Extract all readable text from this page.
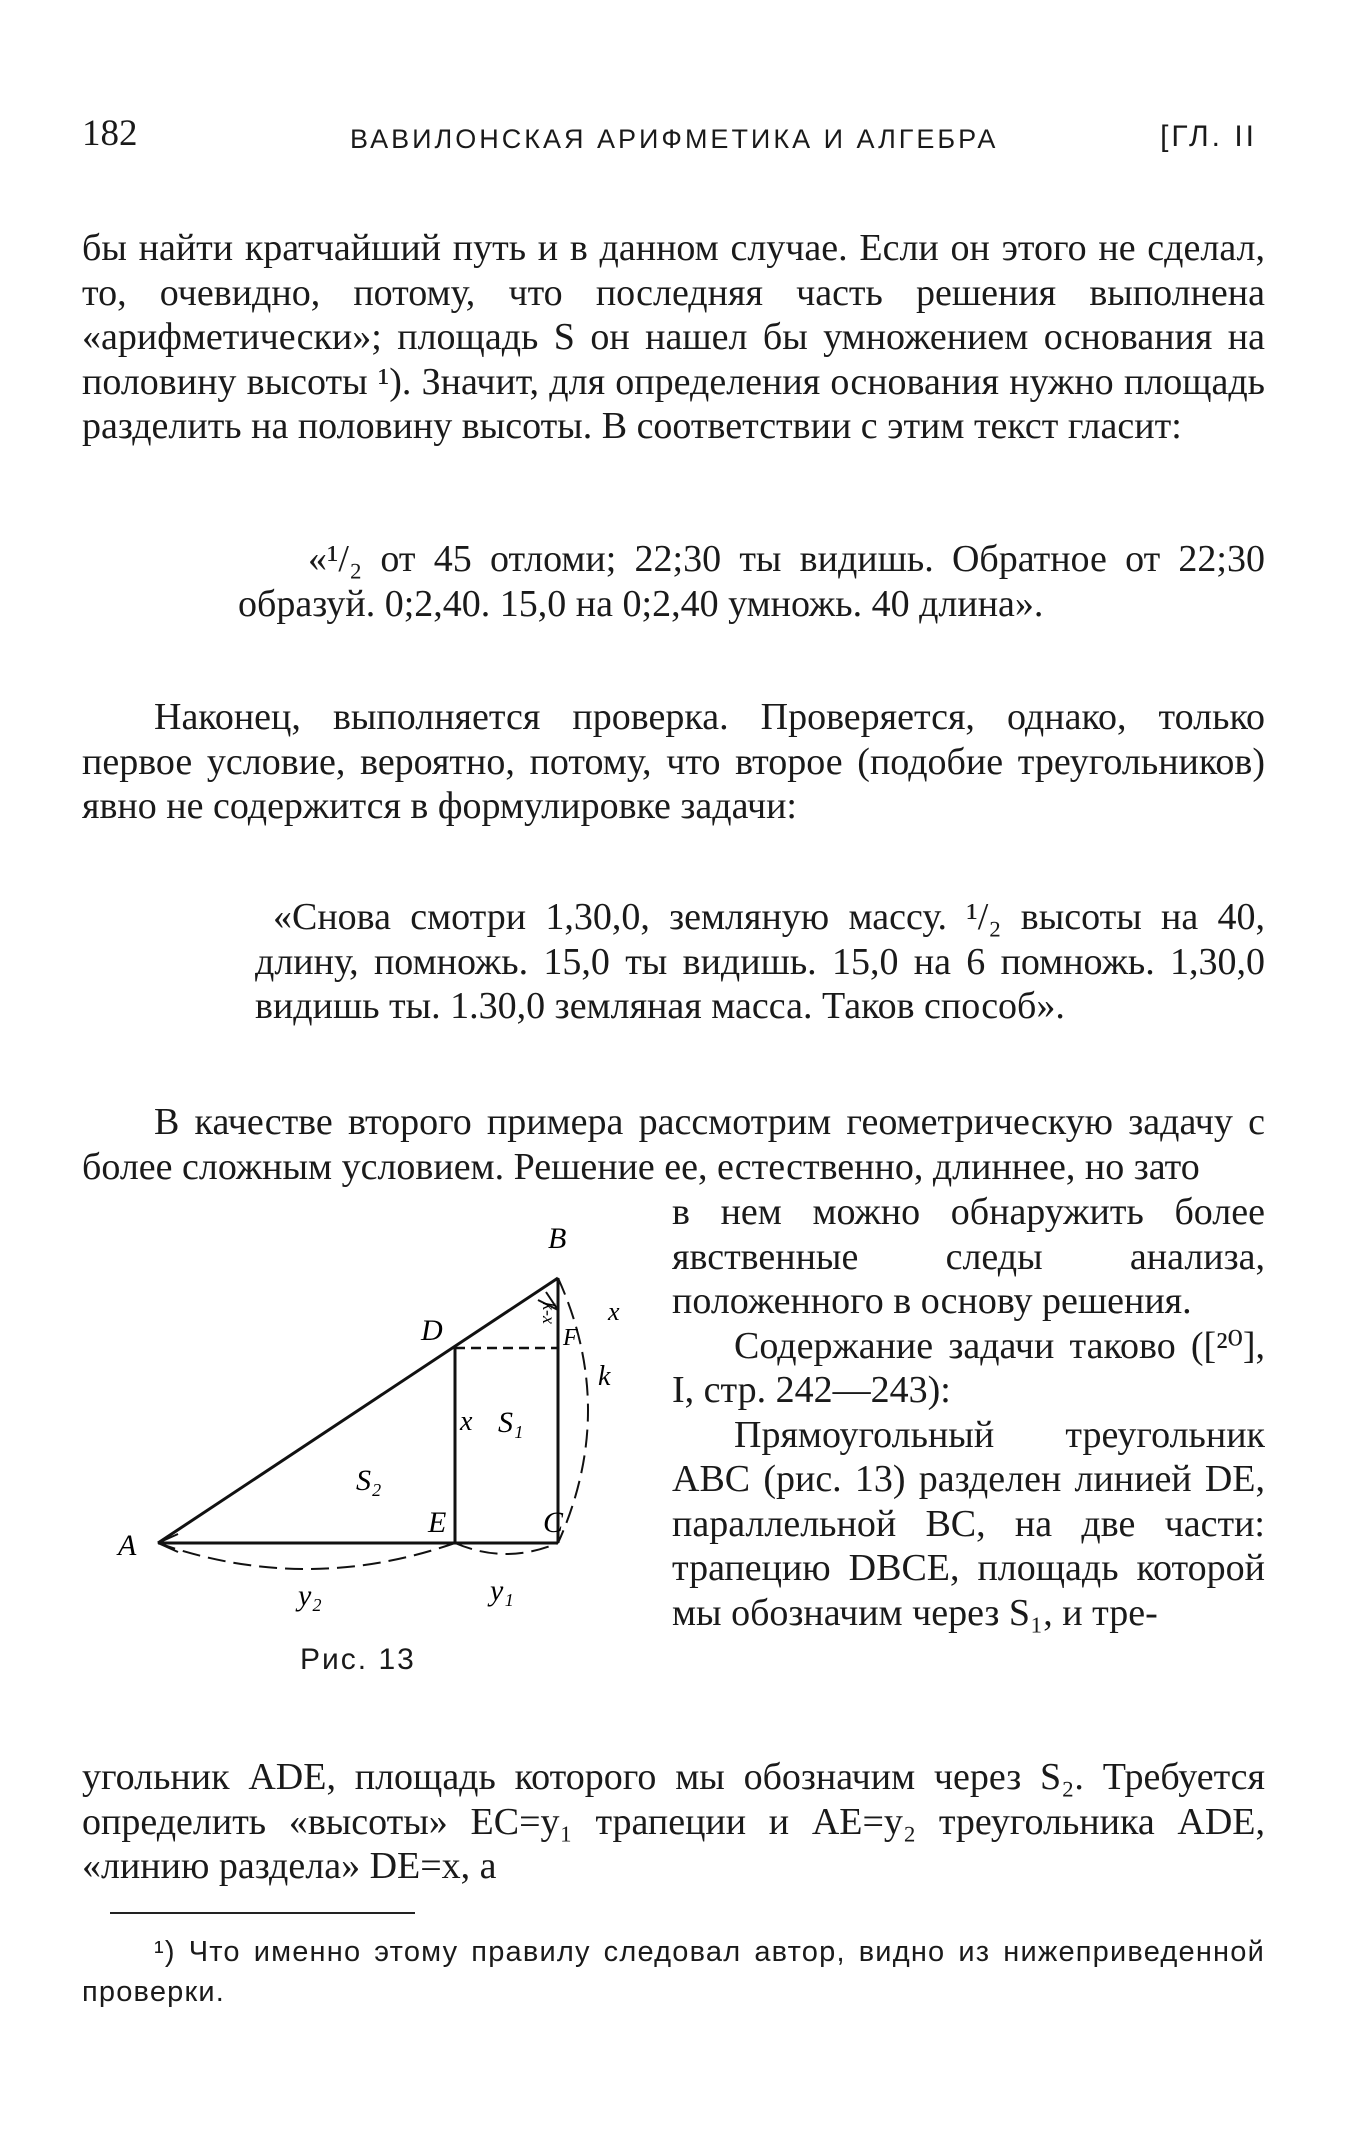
182	ВАВИЛОНСКАЯ АРИФМЕТИКА И АЛГЕБРА	[ГЛ. II
бы найти кратчайший путь и в данном случае. Если он этого не сделал, то, очевидно, потому, что последняя часть решения выполнена «арифметически»; площадь S он нашел бы умножением основания на половину высоты ¹). Значит, для определения основания нужно площадь разделить на половину высоты. В соответствии с этим текст гласит:
«¹/₂ от 45 отломи; 22;30 ты видишь. Обратное от 22;30 образуй. 0;2,40. 15,0 на 0;2,40 умножь. 40 длина».
Наконец, выполняется проверка. Проверяется, однако, только первое условие, вероятно, потому, что второе (подобие треугольников) явно не содержится в формулировке задачи:
«Снова смотри 1,30,0, земляную массу. ¹/₂ высоты на 40, длину, помножь. 15,0 ты видишь. 15,0 на 6 помножь. 1,30,0 видишь ты. 1.30,0 земляная масса. Таков способ».
В качестве второго примера рассмотрим геометрическую задачу с более сложным условием. Решение ее, естественно, длиннее, но зато

в нем можно обнаружить более явственные следы анализа, положенного в основу решения.

Содержание задачи таково ([²⁰], I, стр. 242—243):

Прямоугольный треугольник ABC (рис. 13) разделен линией DE, параллельной BC, на две части: трапецию DBCE, площадь которой мы обозначим через S₁, и тре-

угольник ADE, площадь которого мы обозначим через S₂. Требуется определить «высоты» EC=y₁ трапеции и AE=y₂ треугольника ADE, «линию раздела» DE=x, а
A
B
C
D
E
F
x S₁
S₂
y₂	y₁
k
k-x x
Рис. 13
¹) Что именно этому правилу следовал автор, видно из нижеприведенной проверки.
